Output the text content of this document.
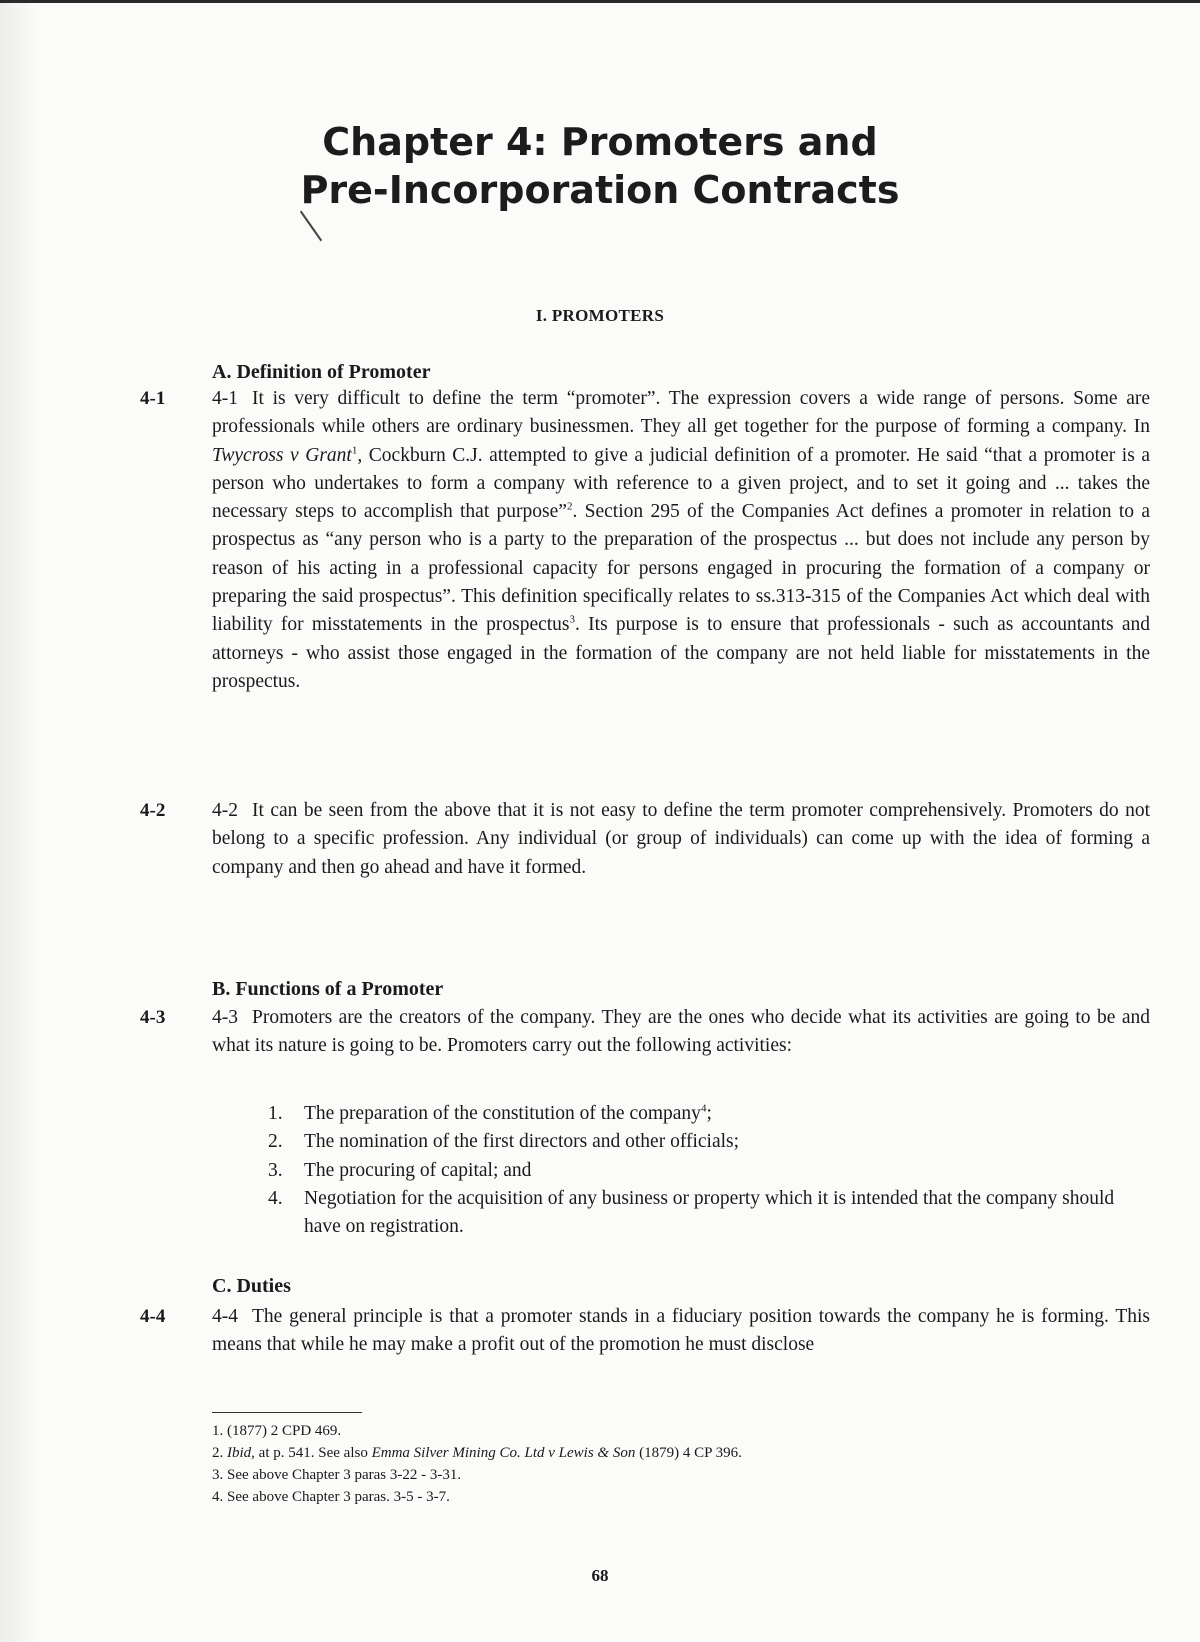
Chapter 4: Promoters and
Pre-Incorporation Contracts
I. PROMOTERS
A. Definition of Promoter
4-1 4-1 It is very difficult to define the term “promoter”. The expression covers a wide range of persons. Some are professionals while others are ordinary businessmen. They all get together for the purpose of forming a company. In Twycross v Grant$^1$, Cockburn C.J. attempted to give a judicial definition of a promoter. He said “that a promoter is a person who undertakes to form a company with reference to a given project, and to set it going and ... takes the necessary steps to accomplish that purpose”$^2$. Section 295 of the Companies Act defines a promoter in relation to a prospectus as “any person who is a party to the preparation of the prospectus ... but does not include any person by reason of his acting in a professional capacity for persons engaged in procuring the formation of a company or preparing the said prospectus”. This definition specifically relates to ss.313-315 of the Companies Act which deal with liability for misstatements in the prospectus$^3$. Its purpose is to ensure that professionals - such as accountants and attorneys - who assist those engaged in the formation of the company are not held liable for misstatements in the prospectus.
4-2 4-2 It can be seen from the above that it is not easy to define the term promoter comprehensively. Promoters do not belong to a specific profession. Any individual (or group of individuals) can come up with the idea of forming a company and then go ahead and have it formed.
B. Functions of a Promoter
4-3 4-3 Promoters are the creators of the company. They are the ones who decide what its activities are going to be and what its nature is going to be. Promoters carry out the following activities:
1. The preparation of the constitution of the company$^4$;
2. The nomination of the first directors and other officials;
3. The procuring of capital; and
4. Negotiation for the acquisition of any business or property which it is intended that the company should have on registration.
C. Duties
4-4 4-4 The general principle is that a promoter stands in a fiduciary position towards the company he is forming. This means that while he may make a profit out of the promotion he must disclose
1. (1877) 2 CPD 469.
2. Ibid, at p. 541. See also Emma Silver Mining Co. Ltd v Lewis & Son (1879) 4 CP 396.
3. See above Chapter 3 paras 3-22 - 3-31.
4. See above Chapter 3 paras. 3-5 - 3-7.
68
